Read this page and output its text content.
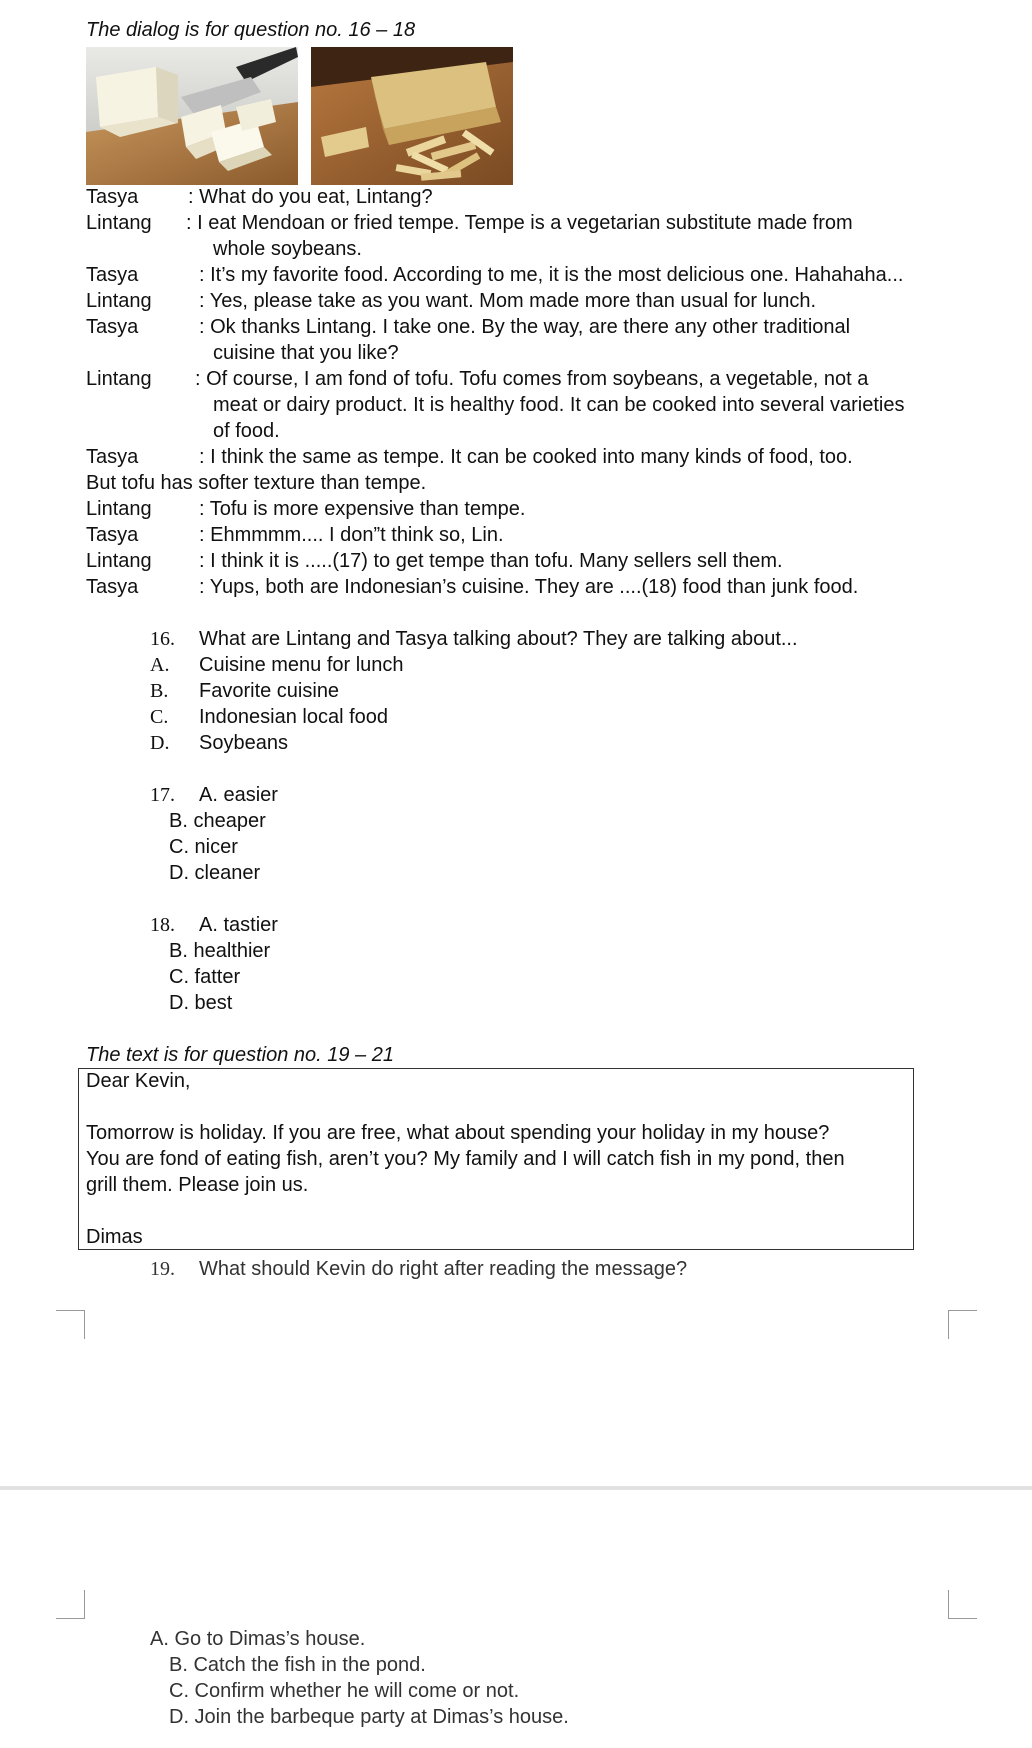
The dialog is for question no. 16 – 18
Tasya : What do you eat, Lintang?
Lintang : I eat Mendoan or fried tempe. Tempe is a vegetarian substitute made from
whole soybeans.
Tasya	: It’s my favorite food. According to me, it is the most delicious one. Hahahaha...
Lintang : Yes, please take as you want. Mom made more than usual for lunch.
Tasya	: Ok thanks Lintang. I take one. By the way, are there any other traditional
cuisine that you like?
Lintang : Of course, I am fond of tofu. Tofu comes from soybeans, a vegetable, not a
meat or dairy product. It is healthy food. It can be cooked into several varieties
of food.
Tasya	: I think the same as tempe. It can be cooked into many kinds of food, too.
But tofu has softer texture than tempe.
Lintang : Tofu is more expensive than tempe.
Tasya	: Ehmmmm.... I don”t think so, Lin.
Lintang : I think it is .....(17) to get tempe than tofu. Many sellers sell them.
Tasya	: Yups, both are Indonesian’s cuisine. They are ....(18) food than junk food.
16. What are Lintang and Tasya talking about? They are talking about...
A. Cuisine menu for lunch
B. Favorite cuisine
C. Indonesian local food
D. Soybeans
17. A. easier
B. cheaper
C. nicer
D. cleaner
18. A. tastier
B. healthier
C. fatter
D. best
The text is for question no. 19 – 21
Dear Kevin,
Tomorrow is holiday. If you are free, what about spending your holiday in my house?
You are fond of eating fish, aren’t you? My family and I will catch fish in my pond, then
grill them. Please join us.
Dimas
19. What should Kevin do right after reading the message?
A. Go to Dimas’s house.
B. Catch the fish in the pond.
C. Confirm whether he will come or not.
D. Join the barbeque party at Dimas’s house.
